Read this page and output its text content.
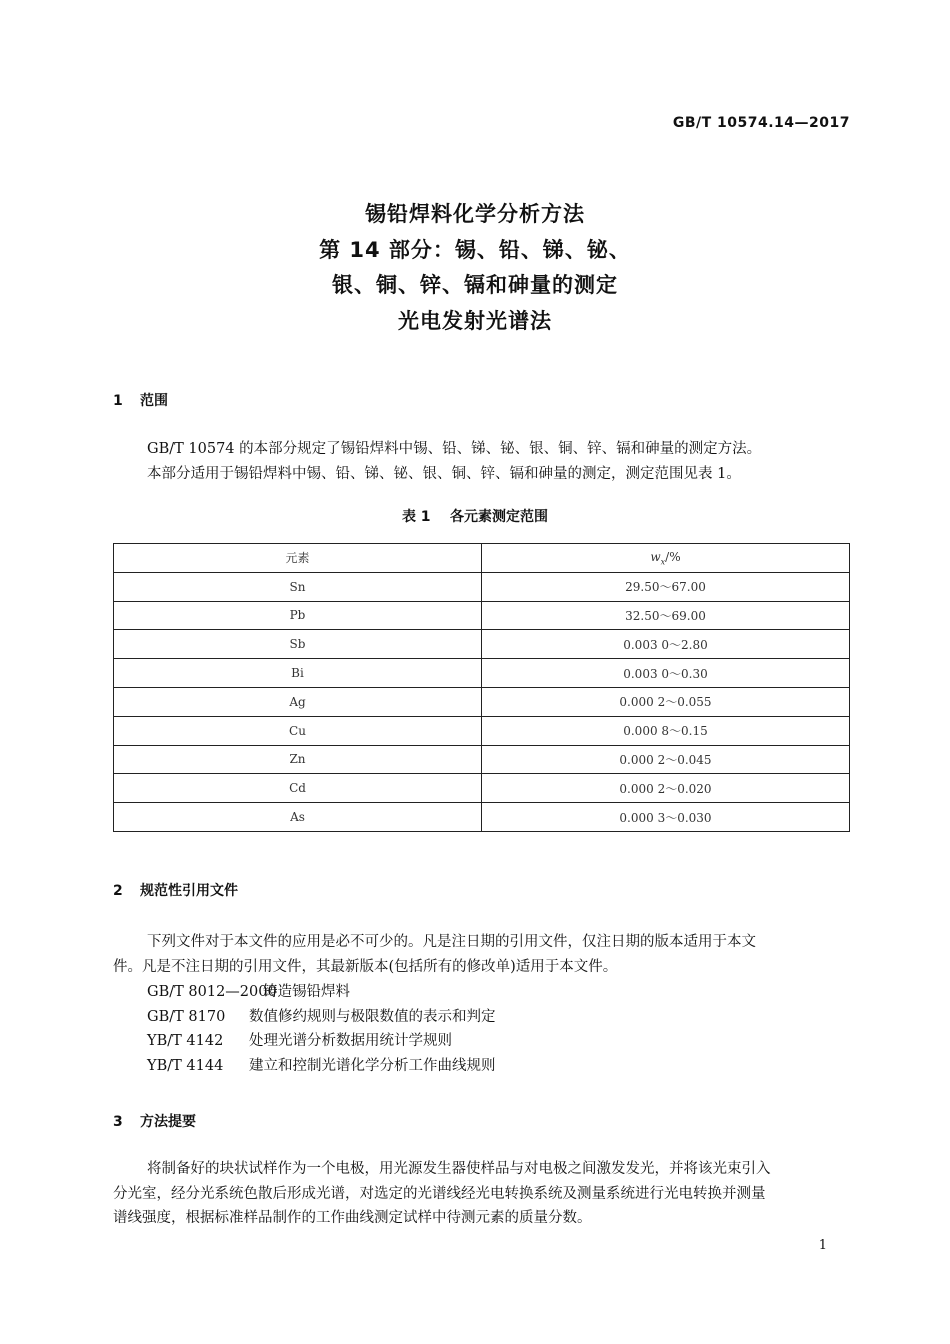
GB/T 10574.14—2017
锡铅焊料化学分析方法
第 14 部分：锡、铅、锑、铋、
银、铜、锌、镉和砷量的测定
光电发射光谱法
1 范围
GB/T 10574 的本部分规定了锡铅焊料中锡、铅、锑、铋、银、铜、锌、镉和砷量的测定方法。
本部分适用于锡铅焊料中锡、铅、锑、铋、银、铜、锌、镉和砷量的测定，测定范围见表 1。
表 1    各元素测定范围
元素	$w_x/\%$
Sn	29.50～67.00
Pb	32.50～69.00
Sb	0.003 0～2.80
Bi	0.003 0～0.30
Ag	0.000 2～0.055
Cu	0.000 8～0.15
Zn	0.000 2～0.045
Cd	0.000 2～0.020
As	0.000 3～0.030
2 规范性引用文件
下列文件对于本文件的应用是必不可少的。凡是注日期的引用文件，仅注日期的版本适用于本文
件。凡是不注日期的引用文件，其最新版本(包括所有的修改单)适用于本文件。
GB/T 8012—2000铸造锡铅焊料
GB/T 8170 数值修约规则与极限数值的表示和判定
YB/T 4142 处理光谱分析数据用统计学规则
YB/T 4144 建立和控制光谱化学分析工作曲线规则
3 方法提要
将制备好的块状试样作为一个电极，用光源发生器使样品与对电极之间激发发光，并将该光束引入
分光室，经分光系统色散后形成光谱，对选定的光谱线经光电转换系统及测量系统进行光电转换并测量
谱线强度，根据标准样品制作的工作曲线测定试样中待测元素的质量分数。
1
